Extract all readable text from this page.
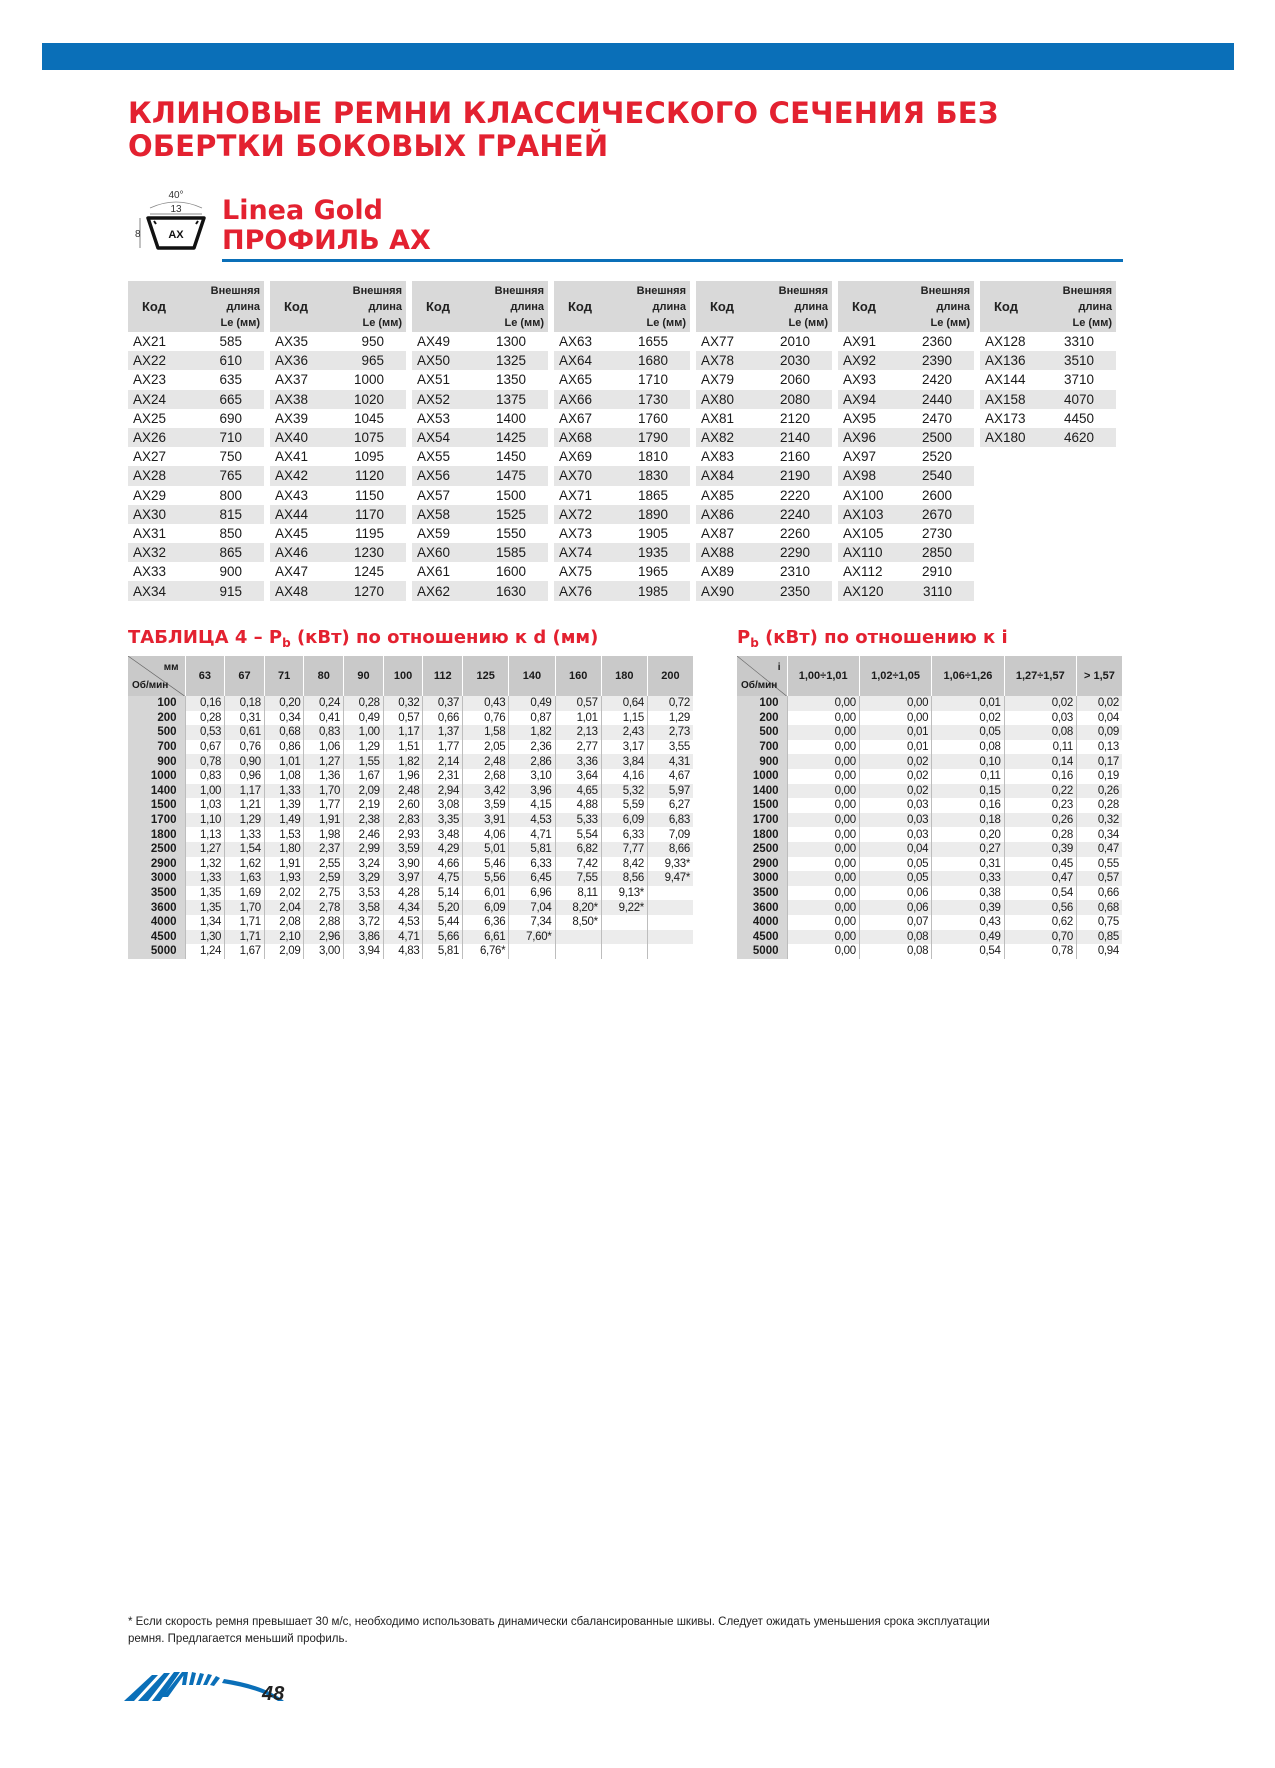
КЛИНОВЫЕ РЕМНИ КЛАССИЧЕСКОГО СЕЧЕНИЯ БЕЗ
ОБЕРТКИ БОКОВЫХ ГРАНЕЙ
40°
13
AX
8
Linea Gold
ПРОФИЛЬ AX
Код	Внешняя
длина
Le (мм)

AX21	585
AX22	610
AX23	635
AX24	665
AX25	690
AX26	710
AX27	750
AX28	765
AX29	800
AX30	815
AX31	850
AX32	865
AX33	900
AX34	915
Код	Внешняя
длина
Le (мм)

AX35	950
AX36	965
AX37	1000
AX38	1020
AX39	1045
AX40	1075
AX41	1095
AX42	1120
AX43	1150
AX44	1170
AX45	1195
AX46	1230
AX47	1245
AX48	1270
Код	Внешняя
длина
Le (мм)

AX49	1300
AX50	1325
AX51	1350
AX52	1375
AX53	1400
AX54	1425
AX55	1450
AX56	1475
AX57	1500
AX58	1525
AX59	1550
AX60	1585
AX61	1600
AX62	1630
Код	Внешняя
длина
Le (мм)

AX63	1655
AX64	1680
AX65	1710
AX66	1730
AX67	1760
AX68	1790
AX69	1810
AX70	1830
AX71	1865
AX72	1890
AX73	1905
AX74	1935
AX75	1965
AX76	1985
Код	Внешняя
длина
Le (мм)

AX77	2010
AX78	2030
AX79	2060
AX80	2080
AX81	2120
AX82	2140
AX83	2160
AX84	2190
AX85	2220
AX86	2240
AX87	2260
AX88	2290
AX89	2310
AX90	2350
Код	Внешняя
длина
Le (мм)

AX91	2360
AX92	2390
AX93	2420
AX94	2440
AX95	2470
AX96	2500
AX97	2520
AX98	2540
AX100	2600
AX103	2670
AX105	2730
AX110	2850
AX112	2910
AX120	3110
Код	Внешняя
длина
Le (мм)

AX128	3310
AX136	3510
AX144	3710
AX158	4070
AX173	4450
AX180	4620
ТАБЛИЦА $4 - P_b$ (кВт) по отношению к d (мм)	$P_b$ (кВт) по отношению к i
мм
Об/мин	63	67	71	80	90	100	112	125	140	160	180	200
100	0,16	0,18	0,20	0,24	0,28	0,32	0,37	0,43	0,49	0,57	0,64	0,72
200	0,28	0,31	0,34	0,41	0,49	0,57	0,66	0,76	0,87	1,01	1,15	1,29
500	0,53	0,61	0,68	0,83	1,00	1,17	1,37	1,58	1,82	2,13	2,43	2,73
700	0,67	0,76	0,86	1,06	1,29	1,51	1,77	2,05	2,36	2,77	3,17	3,55
900	0,78	0,90	1,01	1,27	1,55	1,82	2,14	2,48	2,86	3,36	3,84	4,31
1000	0,83	0,96	1,08	1,36	1,67	1,96	2,31	2,68	3,10	3,64	4,16	4,67
1400	1,00	1,17	1,33	1,70	2,09	2,48	2,94	3,42	3,96	4,65	5,32	5,97
1500	1,03	1,21	1,39	1,77	2,19	2,60	3,08	3,59	4,15	4,88	5,59	6,27
1700	1,10	1,29	1,49	1,91	2,38	2,83	3,35	3,91	4,53	5,33	6,09	6,83
1800	1,13	1,33	1,53	1,98	2,46	2,93	3,48	4,06	4,71	5,54	6,33	7,09
2500	1,27	1,54	1,80	2,37	2,99	3,59	4,29	5,01	5,81	6,82	7,77	8,66
2900	1,32	1,62	1,91	2,55	3,24	3,90	4,66	5,46	6,33	7,42	8,42	9,33*
3000	1,33	1,63	1,93	2,59	3,29	3,97	4,75	5,56	6,45	7,55	8,56	9,47*
3500	1,35	1,69	2,02	2,75	3,53	4,28	5,14	6,01	6,96	8,11	9,13*	
3600	1,35	1,70	2,04	2,78	3,58	4,34	5,20	6,09	7,04	8,20*	9,22*	
4000	1,34	1,71	2,08	2,88	3,72	4,53	5,44	6,36	7,34	8,50*		
4500	1,30	1,71	2,10	2,96	3,86	4,71	5,66	6,61	7,60*			
5000	1,24	1,67	2,09	3,00	3,94	4,83	5,81	6,76*				
i
Об/мин	1,00÷1,01	1,02÷1,05	1,06÷1,26	1,27÷1,57	> 1,57
100	0,00	0,00	0,01	0,02	0,02
200	0,00	0,00	0,02	0,03	0,04
500	0,00	0,01	0,05	0,08	0,09
700	0,00	0,01	0,08	0,11	0,13
900	0,00	0,02	0,10	0,14	0,17
1000	0,00	0,02	0,11	0,16	0,19
1400	0,00	0,02	0,15	0,22	0,26
1500	0,00	0,03	0,16	0,23	0,28
1700	0,00	0,03	0,18	0,26	0,32
1800	0,00	0,03	0,20	0,28	0,34
2500	0,00	0,04	0,27	0,39	0,47
2900	0,00	0,05	0,31	0,45	0,55
3000	0,00	0,05	0,33	0,47	0,57
3500	0,00	0,06	0,38	0,54	0,66
3600	0,00	0,06	0,39	0,56	0,68
4000	0,00	0,07	0,43	0,62	0,75
4500	0,00	0,08	0,49	0,70	0,85
5000	0,00	0,08	0,54	0,78	0,94
* Если скорость ремня превышает 30 м/с, необходимо использовать динамически сбалансированные шкивы. Следует ожидать уменьшения срока эксплуатации
ремня. Предлагается меньший профиль.
48
